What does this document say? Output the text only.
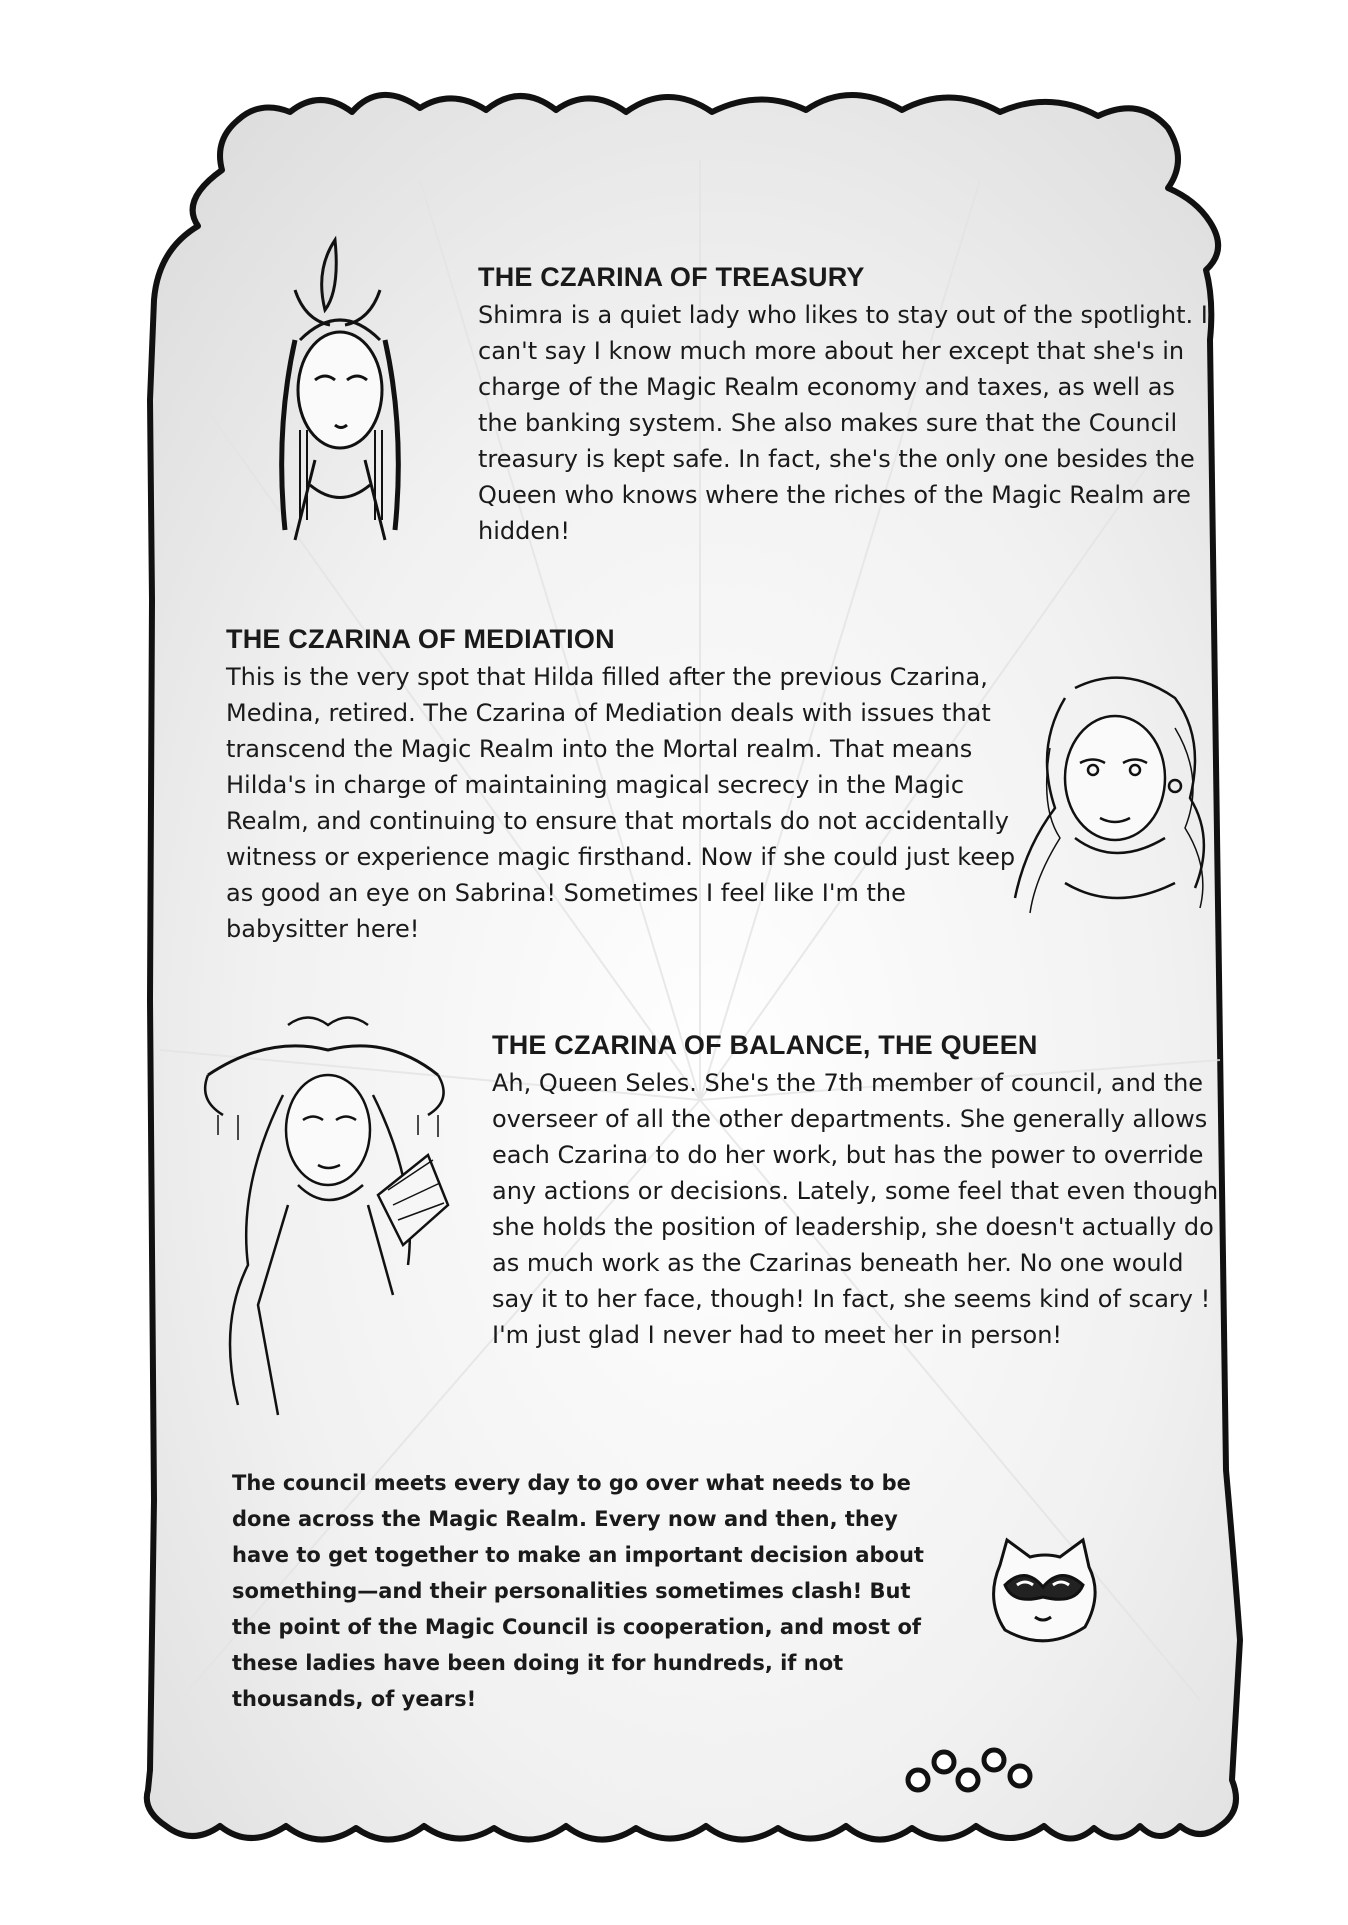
THE CZARINA OF TREASURY

Shimra is a quiet lady who likes to stay out of the spotlight. I can't say I know much more about her except that she's in charge of the Magic Realm economy and taxes, as well as the banking system. She also makes sure that the Council treasury is kept safe. In fact, she's the only one besides the Queen who knows where the riches of the Magic Realm are hidden!

THE CZARINA OF MEDIATION

This is the very spot that Hilda filled after the previous Czarina, Medina, retired. The Czarina of Mediation deals with issues that transcend the Magic Realm into the Mortal realm. That means Hilda's in charge of maintaining magical secrecy in the Magic Realm, and continuing to ensure that mortals do not accidentally witness or experience magic firsthand. Now if she could just keep as good an eye on Sabrina! Sometimes I feel like I'm the babysitter here!

THE CZARINA OF BALANCE, THE QUEEN

Ah, Queen Seles. She's the 7th member of council, and the overseer of all the other departments. She generally allows each Czarina to do her work, but has the power to override any actions or decisions. Lately, some feel that even though she holds the position of leadership, she doesn't actually do as much work as the Czarinas beneath her. No one would say it to her face, though! In fact, she seems kind of scary ! I'm just glad I never had to meet her in person!

The council meets every day to go over what needs to be done across the Magic Realm. Every now and then, they have to get together to make an important decision about something—and their personalities sometimes clash! But the point of the Magic Council is cooperation, and most of these ladies have been doing it for hundreds, if not thousands, of years!
